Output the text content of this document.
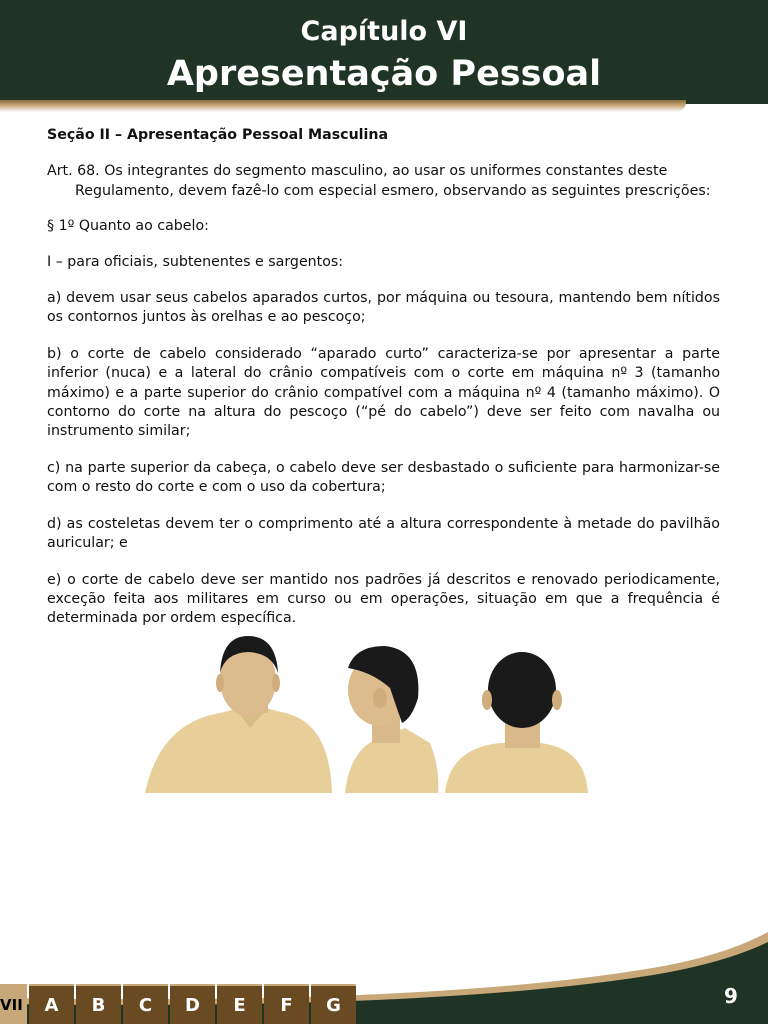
Capítulo VI
Apresentação Pessoal

Seção II – Apresentação Pessoal Masculina

Art. 68. Os integrantes do segmento masculino, ao usar os uniformes constantes deste Regulamento, devem fazê-lo com especial esmero, observando as seguintes prescrições:

§ 1º Quanto ao cabelo:

I – para oficiais, subtenentes e sargentos:

a) devem usar seus cabelos aparados curtos, por máquina ou tesoura, mantendo bem nítidos os contornos juntos às orelhas e ao pescoço;

b) o corte de cabelo considerado “aparado curto” caracteriza-se por apresentar a parte inferior (nuca) e a lateral do crânio compatíveis com o corte em máquina nº 3 (tamanho máximo) e a parte superior do crânio compatível com a máquina nº 4 (tamanho máximo). O contorno do corte na altura do pescoço (“pé do cabelo”) deve ser feito com navalha ou instrumento similar;

c) na parte superior da cabeça, o cabelo deve ser desbastado o suficiente para harmonizar-se com o resto do corte e com o uso da cobertura;

d) as costeletas devem ter o comprimento até a altura correspondente à metade do pavilhão auricular; e

e) o corte de cabelo deve ser mantido nos padrões já descritos e renovado periodicamente, exceção feita aos militares em curso ou em operações, situação em que a frequência é determinada por ordem específica.

VII	A	B	C	D	E	F	G	9
